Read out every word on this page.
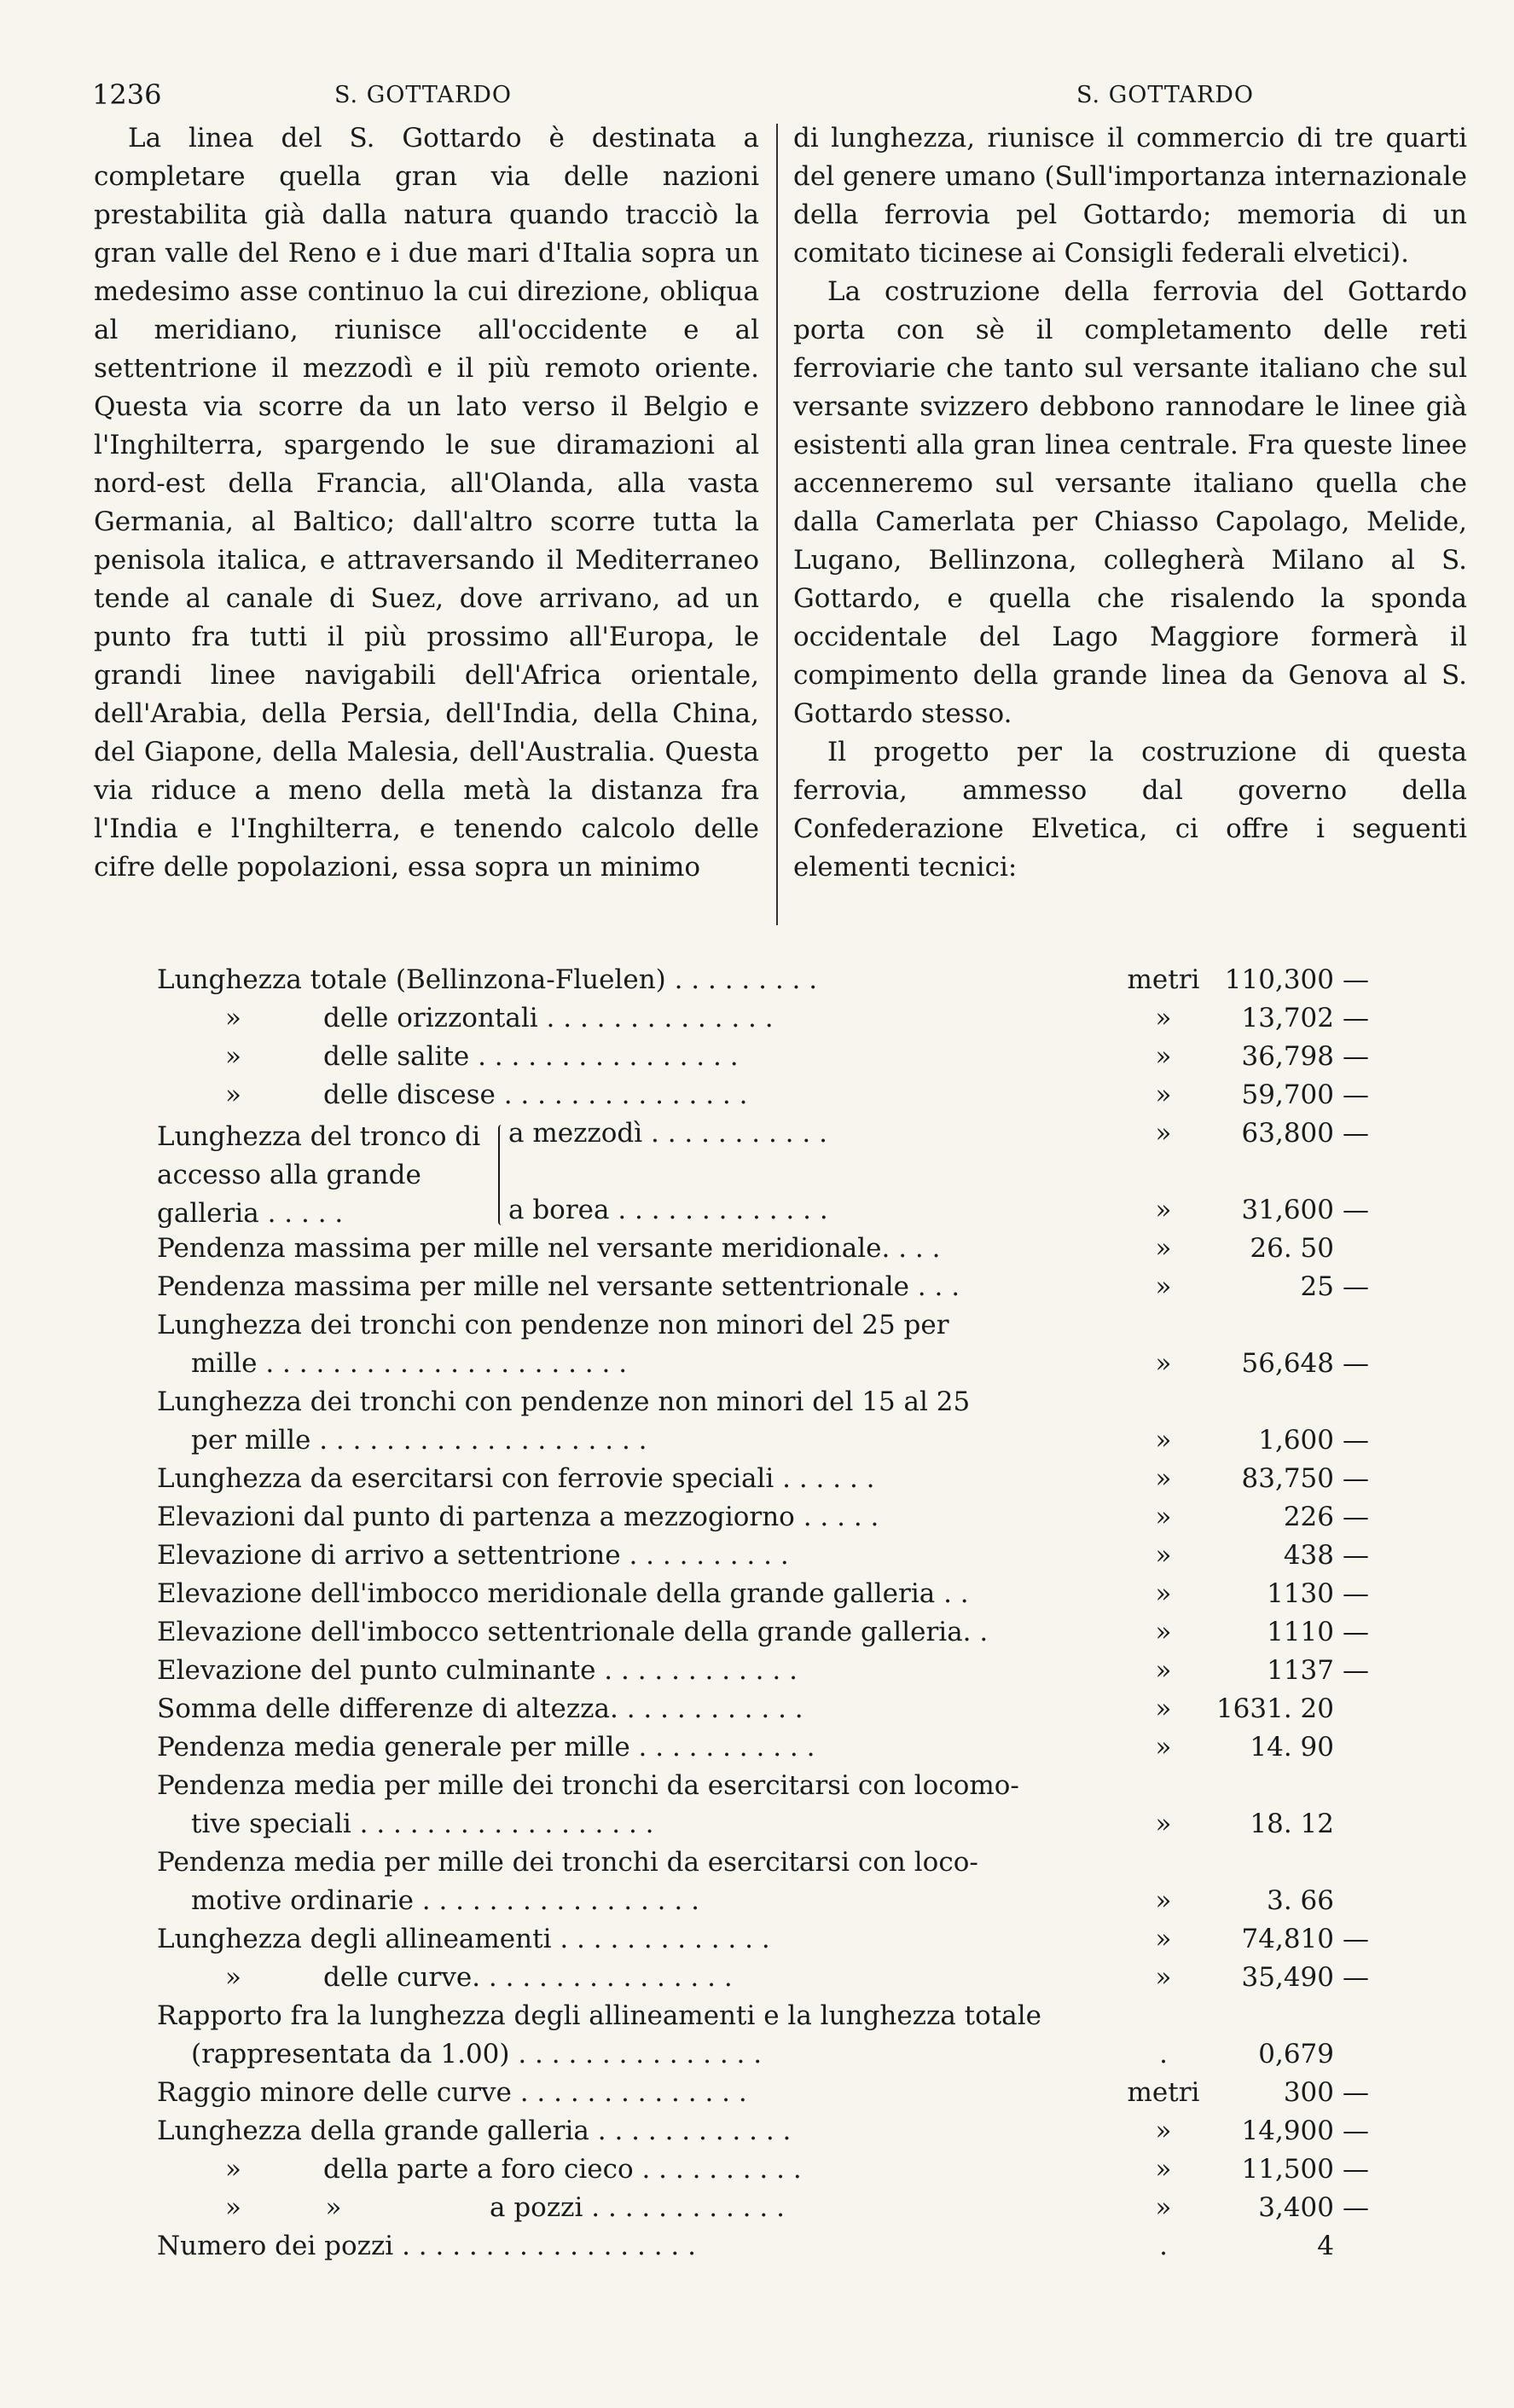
1236	S. GOTTARDO	S. GOTTARDO

La linea del S. Gottardo è destinata a completare quella gran via delle nazioni prestabilita già dalla natura quando tracciò la gran valle del Reno e i due mari d'Italia sopra un medesimo asse continuo la cui direzione, obliqua al meridiano, riunisce all'occidente e al settentrione il mezzodì e il più remoto oriente. Questa via scorre da un lato verso il Belgio e l'Inghilterra, spargendo le sue diramazioni al nord-est della Francia, all'Olanda, alla vasta Germania, al Baltico; dall'altro scorre tutta la penisola italica, e attraversando il Mediterraneo tende al canale di Suez, dove arrivano, ad un punto fra tutti il più prossimo all'Europa, le grandi linee navigabili dell'Africa orientale, dell'Arabia, della Persia, dell'India, della China, del Giapone, della Malesia, dell'Australia. Questa via riduce a meno della metà la distanza fra l'India e l'Inghilterra, e tenendo calcolo delle cifre delle popolazioni, essa sopra un minimo

di lunghezza, riunisce il commercio di tre quarti del genere umano (Sull'importanza internazionale della ferrovia pel Gottardo; memoria di un comitato ticinese ai Consigli federali elvetici).

La costruzione della ferrovia del Gottardo porta con sè il completamento delle reti ferroviarie che tanto sul versante italiano che sul versante svizzero debbono rannodare le linee già esistenti alla gran linea centrale. Fra queste linee accenneremo sul versante italiano quella che dalla Camerlata per Chiasso Capolago, Melide, Lugano, Bellinzona, collegherà Milano al S. Gottardo, e quella che risalendo la sponda occidentale del Lago Maggiore formerà il compimento della grande linea da Genova al S. Gottardo stesso.

Il progetto per la costruzione di questa ferrovia, ammesso dal governo della Confederazione Elvetica, ci offre i seguenti elementi tecnici:

Lunghezza totale (Bellinzona-Fluelen) . . . . . . . . .	metri 110,300 —
»	delle orizzontali . . . . . . . . . . . . . .	»	13,702 —
»	delle salite . . . . . . . . . . . . . . . .	»	36,798 —
»	delle discese . . . . . . . . . . . . . . .	»	59,700 —
Lunghezza del tronco di accesso alla grande galleria . . . . .
a mezzodì . . . . . . . . . . .	»	63,800 —
a borea . . . . . . . . . . . . .	»	31,600 —
Pendenza massima per mille nel versante meridionale. . . .	»	26. 50
Pendenza massima per mille nel versante settentrionale . . .	»	25 —
Lunghezza dei tronchi con pendenze non minori del 25 per
mille . . . . . . . . . . . . . . . . . . . . . .	»	56,648 —
Lunghezza dei tronchi con pendenze non minori del 15 al 25
per mille . . . . . . . . . . . . . . . . . . . .	»	1,600 —
Lunghezza da esercitarsi con ferrovie speciali . . . . . .	»	83,750 —
Elevazioni dal punto di partenza a mezzogiorno . . . . .	»	226 —
Elevazione di arrivo a settentrione . . . . . . . . . .	»	438 —
Elevazione dell'imbocco meridionale della grande galleria . .	»	1130 —
Elevazione dell'imbocco settentrionale della grande galleria. .	»	1110 —
Elevazione del punto culminante . . . . . . . . . . . .	»	1137 —
Somma delle differenze di altezza. . . . . . . . . . . .	»	1631. 20
Pendenza media generale per mille . . . . . . . . . . .	»	14. 90
Pendenza media per mille dei tronchi da esercitarsi con locomo-
tive speciali . . . . . . . . . . . . . . . . . .	»	18. 12
Pendenza media per mille dei tronchi da esercitarsi con loco-
motive ordinarie . . . . . . . . . . . . . . . . .	»	3. 66
Lunghezza degli allineamenti . . . . . . . . . . . . .	»	74,810 —
»	delle curve. . . . . . . . . . . . . . . .	»	35,490 —
Rapporto fra la lunghezza degli allineamenti e la lunghezza totale
(rappresentata da 1.00) . . . . . . . . . . . . . . .	.	0,679
Raggio minore delle curve . . . . . . . . . . . . . .	metri	300 —
Lunghezza della grande galleria . . . . . . . . . . . .	»	14,900 —
»	della parte a foro cieco . . . . . . . . . .	»	11,500 —
»          »	a pozzi . . . . . . . . . . . .	»	3,400 —
Numero dei pozzi . . . . . . . . . . . . . . . . . .	.	4
